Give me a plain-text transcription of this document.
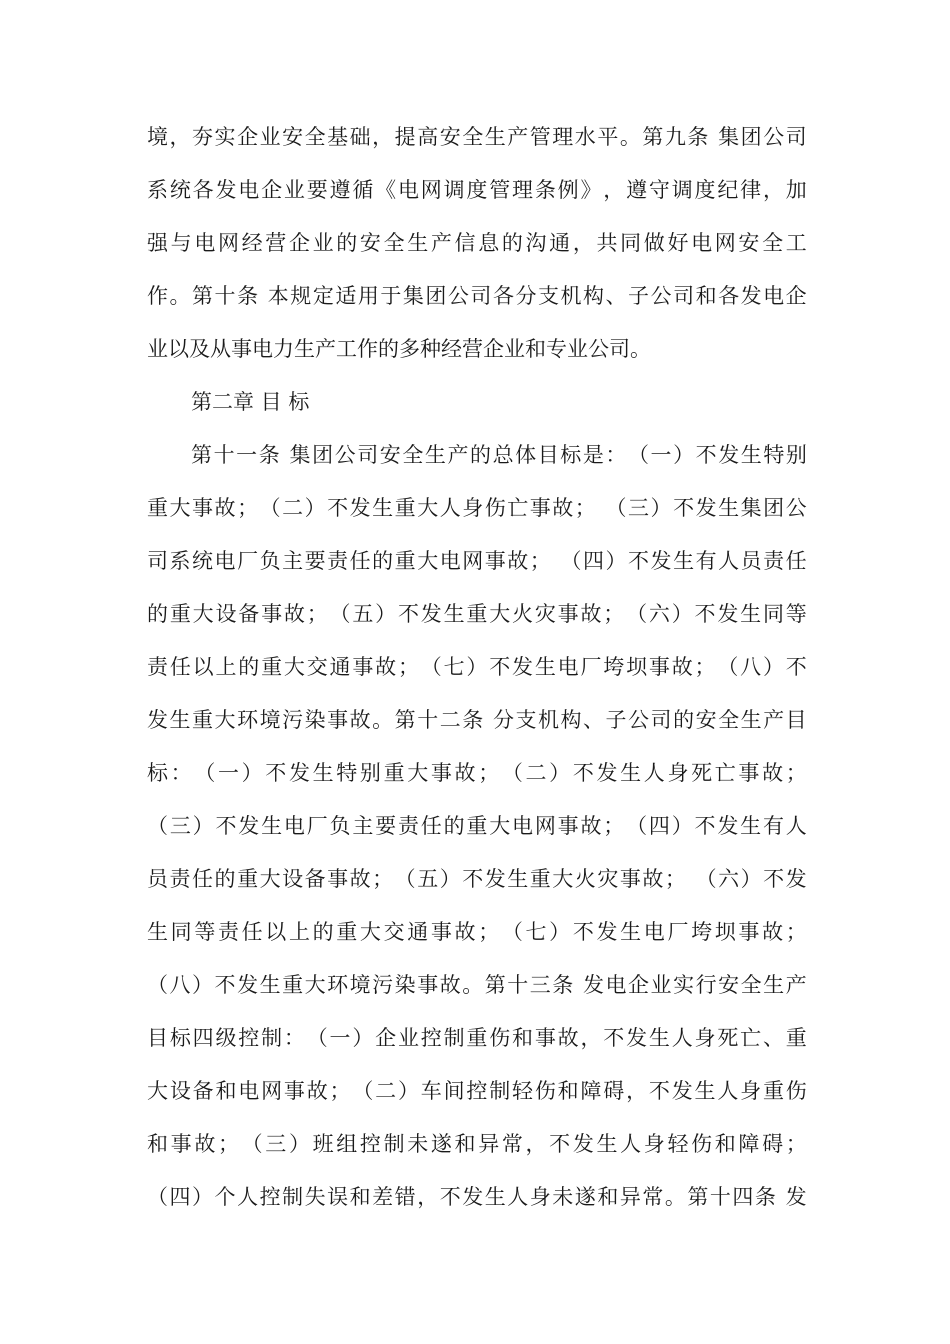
境 ， 夯 实 企 业 安 全 基 础 ， 提 高 安 全 生 产 管 理 水 平 。 第 九 条
集 团 公 司
系 统 各 发 电 企 业 要 遵 循 《 电 网 调 度 管 理 条 例 》 ， 遵 守 调 度 纪 律 ， 加
强 与 电 网 经 营 企 业 的 安 全 生 产 信 息 的 沟 通 ， 共 同 做 好 电 网 安 全 工
作 。 第 十 条
本 规 定 适 用 于 集 团 公 司 各 分 支 机 构 、 子 公 司 和 各 发 电 企
业以及从事电力生产工作的多种经营企业和专业公司。
第二章 目 标
第 十 一 条
集 团 公 司 安 全 生 产 的 总 体 目 标 是 ： （ 一 ） 不 发 生 特 别
重 大 事 故 ； （ 二 ） 不 发 生 重 大 人 身 伤 亡 事 故 ；
（ 三 ） 不 发 生 集 团 公
司 系 统 电 厂 负 主 要 责 任 的 重 大 电 网 事 故 ；
（ 四 ） 不 发 生 有 人 员 责 任
的 重 大 设 备 事 故 ； （ 五 ） 不 发 生 重 大 火 灾 事 故 ； （ 六 ） 不 发 生 同 等
责 任 以 上 的 重 大 交 通 事 故 ； （ 七 ） 不 发 生 电 厂 垮 坝 事 故 ； （ 八 ） 不
发 生 重 大 环 境 污 染 事 故 。 第 十 二 条
分 支 机 构 、 子 公 司 的 安 全 生 产 目
标 ： （ 一 ） 不 发 生 特 别 重 大 事 故 ； （ 二 ） 不 发 生 人 身 死 亡 事 故 ；
（ 三 ） 不 发 生 电 厂 负 主 要 责 任 的 重 大 电 网 事 故 ； （ 四 ） 不 发 生 有 人
员 责 任 的 重 大 设 备 事 故 ； （ 五 ） 不 发 生 重 大 火 灾 事 故 ；
（ 六 ） 不 发
生 同 等 责 任 以 上 的 重 大 交 通 事 故 ； （ 七 ） 不 发 生 电 厂 垮 坝 事 故 ；
（ 八 ） 不 发 生 重 大 环 境 污 染 事 故 。 第 十 三 条
发 电 企 业 实 行 安 全 生 产
目 标 四 级 控 制 ： （ 一 ） 企 业 控 制 重 伤 和 事 故 ， 不 发 生 人 身 死 亡 、 重
大 设 备 和 电 网 事 故 ； （ 二 ） 车 间 控 制 轻 伤 和 障 碍 ， 不 发 生 人 身 重 伤
和 事 故 ； （ 三 ） 班 组 控 制 未 遂 和 异 常 ， 不 发 生 人 身 轻 伤 和 障 碍 ；
（ 四 ） 个 人 控 制 失 误 和 差 错 ， 不 发 生 人 身 未 遂 和 异 常 。 第 十 四 条
发
